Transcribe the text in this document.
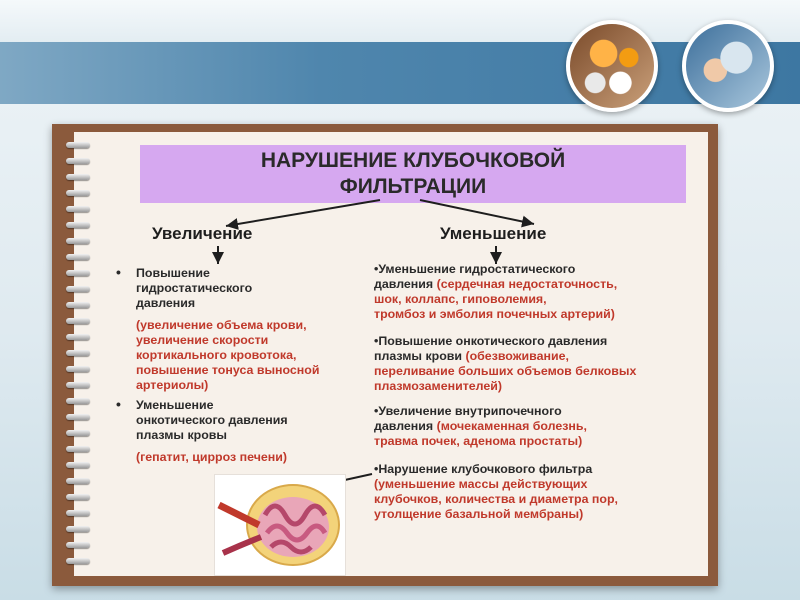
НАРУШЕНИЕ КЛУБОЧКОВОЙ
ФИЛЬТРАЦИИ
Увеличение	Уменьшение
• Повышение
гидростатического
давления
(увеличение объема крови,
увеличение скорости
кортикального кровотока,
повышение тонуса выносной
артериолы)
• Уменьшение
онкотического давления
плазмы кровы
(гепатит, цирроз печени)
•Уменьшение гидростатического
давления (сердечная недостаточность,
шок, коллапс, гиповолемия,
тромбоз и эмболия почечных артерий)
•Повышение онкотического давления
плазмы крови (обезвоживание,
переливание больших объемов белковых
плазмозаменителей)
•Увеличение внутрипочечного
давления (мочекаменная болезнь,
травма почек, аденома простаты)
•Нарушение клубочкового фильтра
(уменьшение массы действующих
клубочков, количества и диаметра пор,
утолщение базальной мембраны)
